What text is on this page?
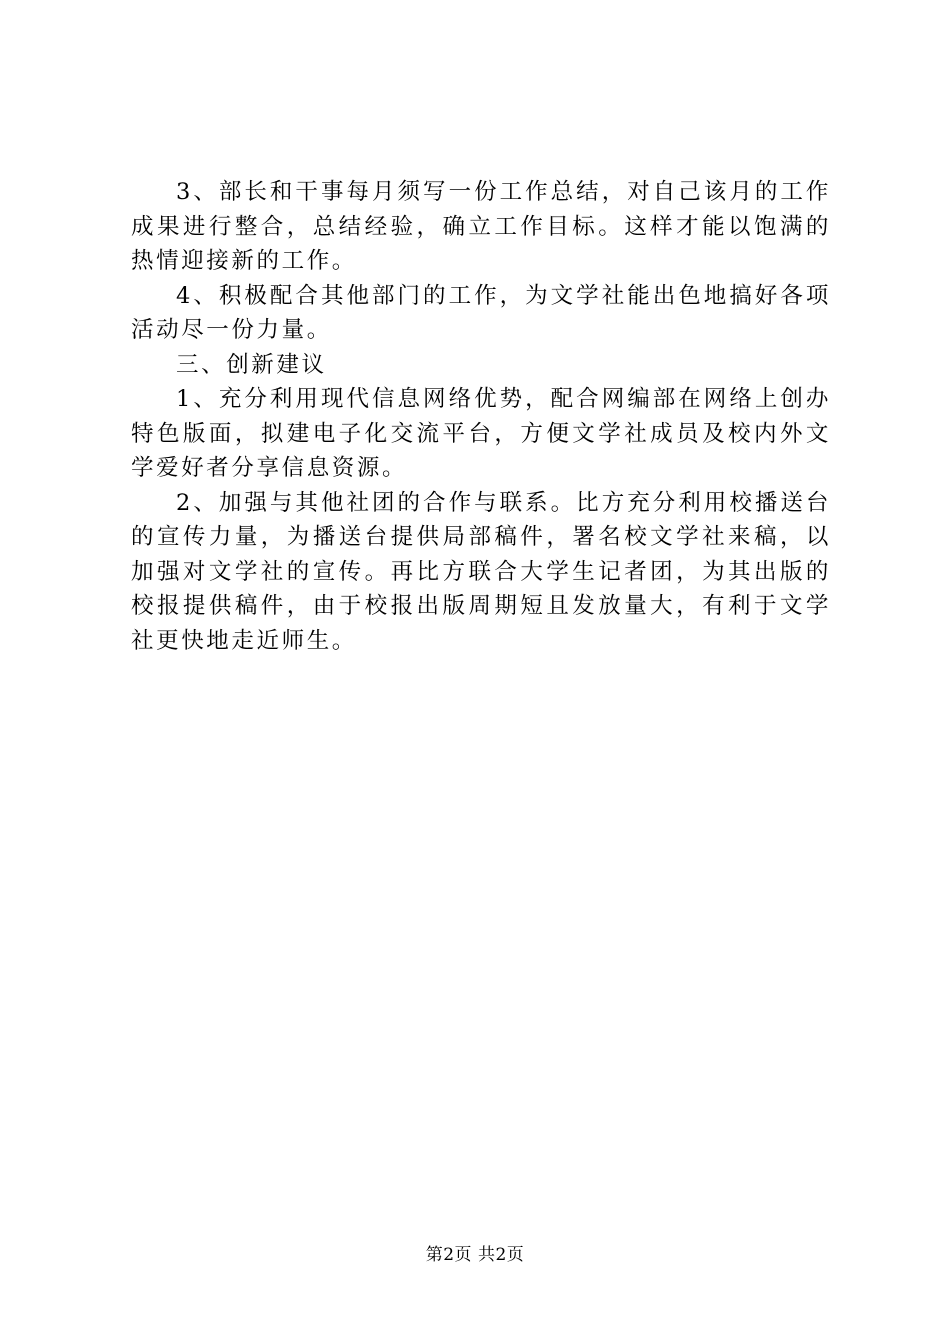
3、部长和干事每月须写一份工作总结，对自己该月的工作成果进行整合，总结经验，确立工作目标。这样才能以饱满的热情迎接新的工作。

4、积极配合其他部门的工作，为文学社能出色地搞好各项活动尽一份力量。

三、创新建议

1、充分利用现代信息网络优势，配合网编部在网络上创办特色版面，拟建电子化交流平台，方便文学社成员及校内外文学爱好者分享信息资源。

2、加强与其他社团的合作与联系。比方充分利用校播送台的宣传力量，为播送台提供局部稿件，署名校文学社来稿，以加强对文学社的宣传。再比方联合大学生记者团，为其出版的校报提供稿件，由于校报出版周期短且发放量大，有利于文学社更快地走近师生。

第2页 共2页
